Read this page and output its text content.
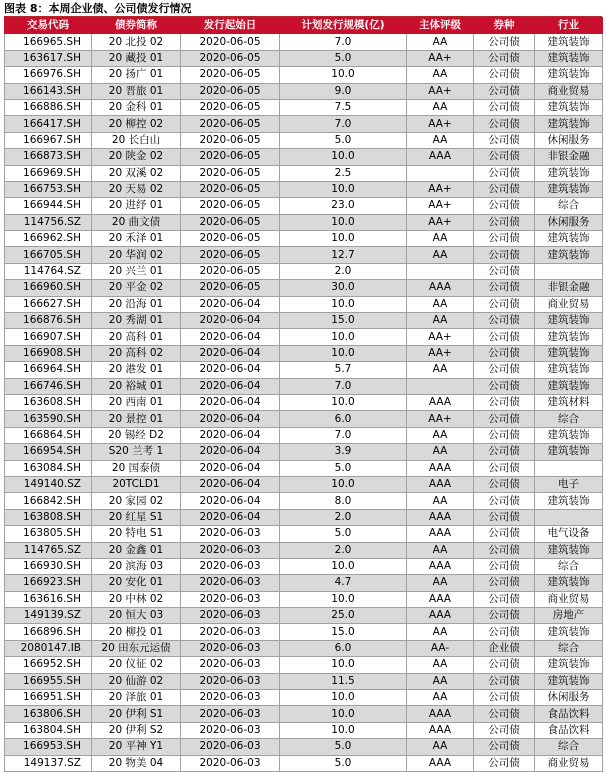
图表 8：本周企业债、公司债发行情况
交易代码	债券简称	发行起始日	计划发行规模(亿)	主体评级	券种	行业
166965.SH	20 北投 02	2020-06-05	7.0	AA	公司债	建筑装饰
163617.SH	20 藏投 01	2020-06-05	5.0	AA+	公司债	建筑装饰
166976.SH	20 扬广 01	2020-06-05	10.0	AA	公司债	建筑装饰
166143.SH	20 晋旅 01	2020-06-05	9.0	AA+	公司债	商业贸易
166886.SH	20 金科 01	2020-06-05	7.5	AA	公司债	建筑装饰
166417.SH	20 柳控 02	2020-06-05	7.0	AA+	公司债	建筑装饰
166967.SH	20 长白山	2020-06-05	5.0	AA	公司债	休闲服务
166873.SH	20 陕金 02	2020-06-05	10.0	AAA	公司债	非银金融
166969.SH	20 双溪 02	2020-06-05	2.5		公司债	建筑装饰
166753.SH	20 天易 02	2020-06-05	10.0	AA+	公司债	建筑装饰
166944.SH	20 进纾 01	2020-06-05	23.0	AA+	公司债	综合
114756.SZ	20 曲文债	2020-06-05	10.0	AA+	公司债	休闲服务
166962.SH	20 禾泽 01	2020-06-05	10.0	AA	公司债	建筑装饰
166705.SH	20 华润 02	2020-06-05	12.7	AA	公司债	建筑装饰
114764.SZ	20 兴兰 01	2020-06-05	2.0		公司债	
166960.SH	20 平金 02	2020-06-05	30.0	AAA	公司债	非银金融
166627.SH	20 沿海 01	2020-06-04	10.0	AA	公司债	商业贸易
166876.SH	20 秀湖 01	2020-06-04	15.0	AA	公司债	建筑装饰
166907.SH	20 高科 01	2020-06-04	10.0	AA+	公司债	建筑装饰
166908.SH	20 高科 02	2020-06-04	10.0	AA+	公司债	建筑装饰
166964.SH	20 港发 01	2020-06-04	5.7	AA	公司债	建筑装饰
166746.SH	20 裕城 01	2020-06-04	7.0		公司债	建筑装饰
163608.SH	20 西南 01	2020-06-04	10.0	AAA	公司债	建筑材料
163590.SH	20 景控 01	2020-06-04	6.0	AA+	公司债	综合
166864.SH	20 锡经 D2	2020-06-04	7.0	AA	公司债	建筑装饰
166954.SH	S20 兰考 1	2020-06-04	3.9	AA	公司债	建筑装饰
163084.SH	20 国泰债	2020-06-04	5.0	AAA	公司债	
149140.SZ	20TCLD1	2020-06-04	10.0	AAA	公司债	电子
166842.SH	20 家园 02	2020-06-04	8.0	AA	公司债	建筑装饰
163808.SH	20 红星 S1	2020-06-04	2.0	AAA	公司债	
163805.SH	20 特电 S1	2020-06-03	5.0	AAA	公司债	电气设备
114765.SZ	20 金鑫 01	2020-06-03	2.0	AA	公司债	建筑装饰
166930.SH	20 滨海 03	2020-06-03	10.0	AAA	公司债	综合
166923.SH	20 安化 01	2020-06-03	4.7	AA	公司债	建筑装饰
163616.SH	20 中林 02	2020-06-03	10.0	AAA	公司债	商业贸易
149139.SZ	20 恒大 03	2020-06-03	25.0	AAA	公司债	房地产
166896.SH	20 柳投 01	2020-06-03	15.0	AA	公司债	建筑装饰
2080147.IB	20 田东元运债	2020-06-03	6.0	AA-	企业债	综合
166952.SH	20 仪征 02	2020-06-03	10.0	AA	公司债	建筑装饰
166955.SH	20 仙游 02	2020-06-03	11.5	AA	公司债	建筑装饰
166951.SH	20 泽旅 01	2020-06-03	10.0	AA	公司债	休闲服务
163806.SH	20 伊利 S1	2020-06-03	10.0	AAA	公司债	食品饮料
163804.SH	20 伊利 S2	2020-06-03	10.0	AAA	公司债	食品饮料
166953.SH	20 平神 Y1	2020-06-03	5.0	AA	公司债	综合
149137.SZ	20 物美 04	2020-06-03	5.0	AAA	公司债	商业贸易
